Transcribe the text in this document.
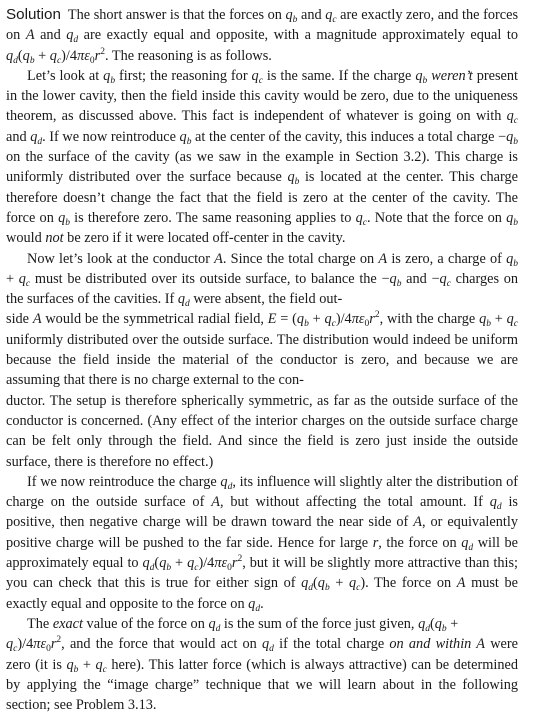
Solution The short answer is that the forces on $q_b$ and $q_c$ are exactly zero, and the forces on A and $q_d$ are exactly equal and opposite, with a magnitude approximately equal to $q_d(q_b + q_c)/4\pi\varepsilon_0r^2$. The reasoning is as follows.

Let’s look at $q_b$ first; the reasoning for $q_c$ is the same. If the charge $q_b$ weren’t present in the lower cavity, then the field inside this cavity would be zero, due to the uniqueness theorem, as discussed above. This fact is independent of whatever is going on with $q_c$ and $q_d$. If we now reintroduce $q_b$ at the center of the cavity, this induces a total charge $-q_b$ on the surface of the cavity (as we saw in the example in Section 3.2). This charge is uniformly distributed over the surface because $q_b$ is located at the center. This charge therefore doesn’t change the fact that the field is zero at the center of the cavity. The force on $q_b$ is therefore zero. The same reasoning applies to $q_c$. Note that the force on $q_b$ would not be zero if it were located off-center in the cavity.

Now let’s look at the conductor A. Since the total charge on A is zero, a charge of $q_b + q_c$ must be distributed over its outside surface, to balance the $-q_b$ and $-q_c$ charges on the surfaces of the cavities. If $q_d$ were absent, the field out-
side A would be the symmetrical radial field, $E = (q_b + q_c)/4\pi\varepsilon_0r^2$, with the charge $q_b + q_c$ uniformly distributed over the outside surface. The distribution would indeed be uniform because the field inside the material of the conductor is zero, and because we are assuming that there is no charge external to the con-
ductor. The setup is therefore spherically symmetric, as far as the outside surface of the conductor is concerned. (Any effect of the interior charges on the outside surface charge can be felt only through the field. And since the field is zero just inside the outside surface, there is therefore no effect.)

If we now reintroduce the charge $q_d$, its influence will slightly alter the distribution of charge on the outside surface of A, but without affecting the total amount. If $q_d$ is positive, then negative charge will be drawn toward the near side of A, or equivalently positive charge will be pushed to the far side. Hence for large r, the force on $q_d$ will be approximately equal to $q_d(q_b + q_c)/4\pi\varepsilon_0r^2$, but it will be slightly more attractive than this; you can check that this is true for either sign of $q_d(q_b + q_c)$. The force on A must be exactly equal and opposite to the force on $q_d$.

The exact value of the force on $q_d$ is the sum of the force just given, $q_d(q_b$ +
$q_c)/4\pi\varepsilon_0r^2$, and the force that would act on $q_d$ if the total charge on and within A were zero (it is $q_b + q_c$ here). This latter force (which is always attractive) can be determined by applying the “image charge” technique that we will learn about in the following section; see Problem 3.13.
